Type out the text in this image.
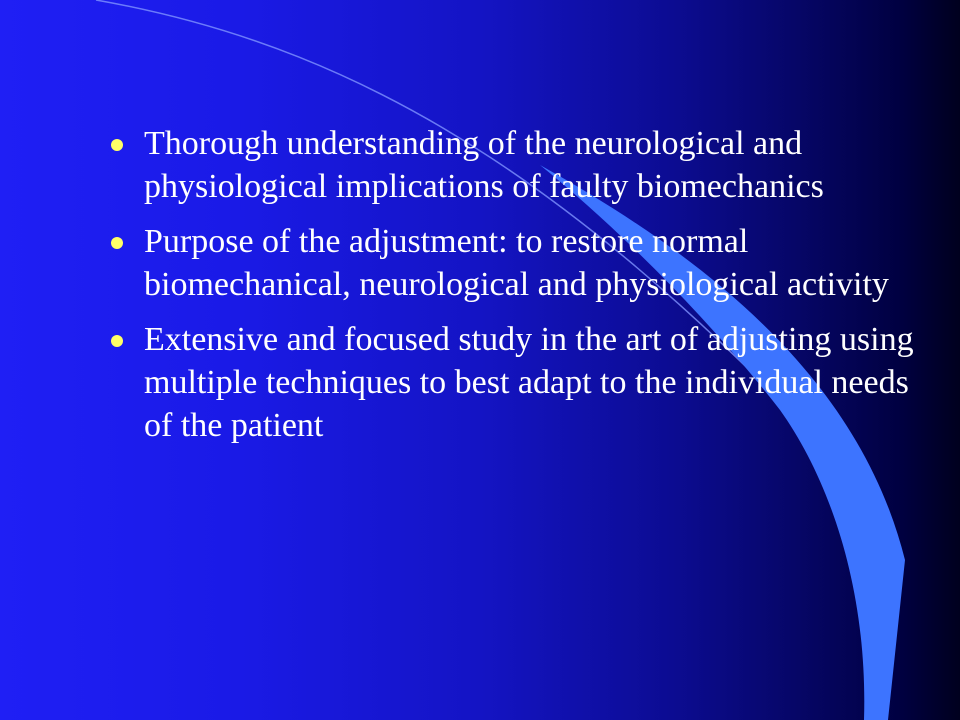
Thorough understanding of the neurological and physiological implications of faulty biomechanics
Purpose of the adjustment: to restore normal biomechanical, neurological and physiological activity
Extensive and focused study in the art of adjusting using multiple techniques to best adapt to the individual needs of the patient
